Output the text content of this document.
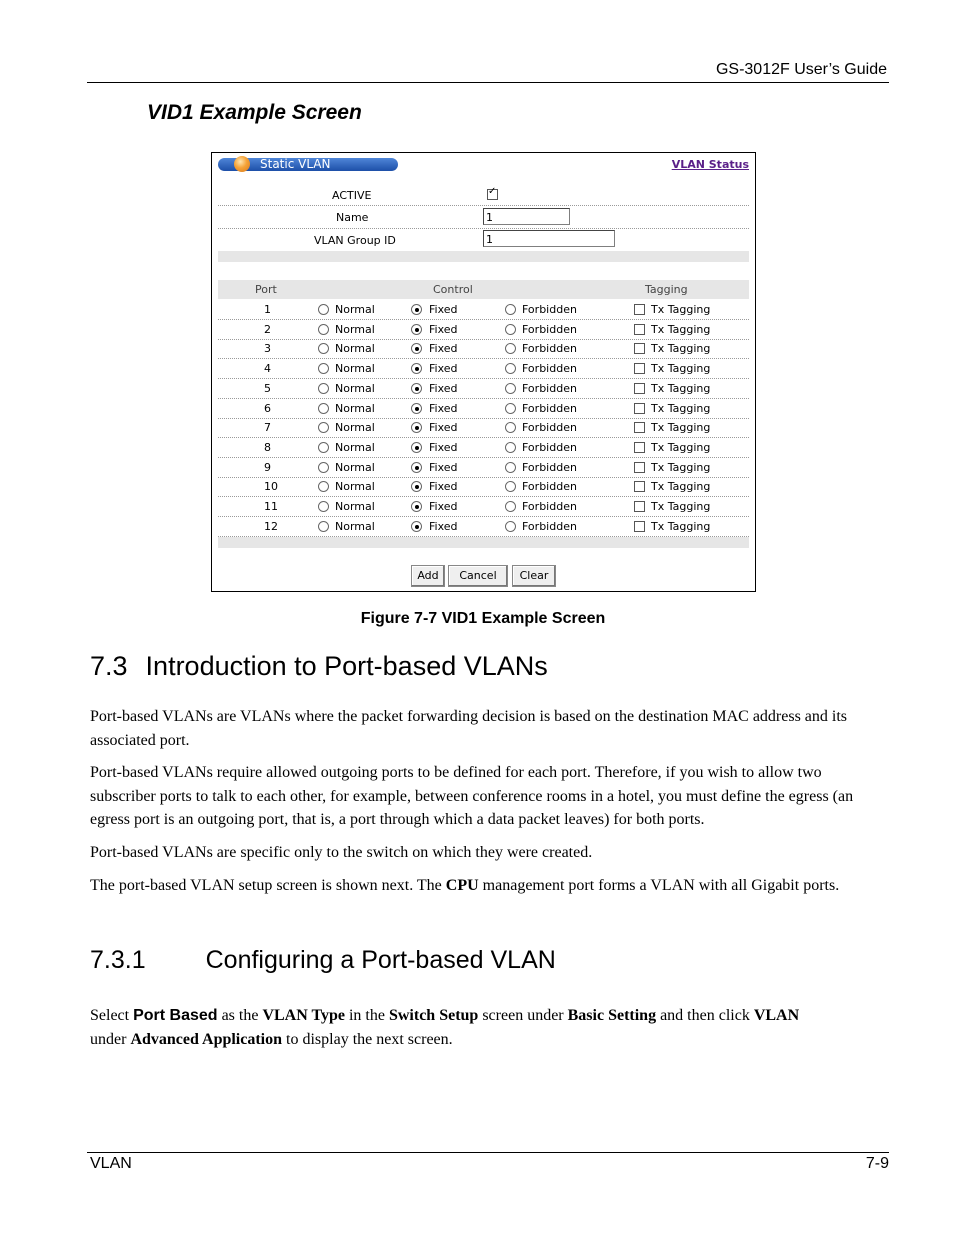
GS-3012F User’s Guide
VID1 Example Screen
Static VLAN	VLAN Status
ACTIVE
✓
Name	1
VLAN Group ID	1
Port	Control	Tagging
1	Normal	Fixed	Forbidden	Tx Tagging
2	Normal	Fixed	Forbidden	Tx Tagging
3	Normal	Fixed	Forbidden	Tx Tagging
4	Normal	Fixed	Forbidden	Tx Tagging
5	Normal	Fixed	Forbidden	Tx Tagging
6	Normal	Fixed	Forbidden	Tx Tagging
7	Normal	Fixed	Forbidden	Tx Tagging
8	Normal	Fixed	Forbidden	Tx Tagging
9	Normal	Fixed	Forbidden	Tx Tagging
10	Normal	Fixed	Forbidden	Tx Tagging
11	Normal	Fixed	Forbidden	Tx Tagging
12	Normal	Fixed	Forbidden	Tx Tagging
Add	Cancel	Clear
Figure 7-7 VID1 Example Screen
7.3 Introduction to Port-based VLANs

Port-based VLANs are VLANs where the packet forwarding decision is based on the destination MAC address and its associated port.

Port-based VLANs require allowed outgoing ports to be defined for each port. Therefore, if you wish to allow two subscriber ports to talk to each other, for example, between conference rooms in a hotel, you must define the egress (an egress port is an outgoing port, that is, a port through which a data packet leaves) for both ports.

Port-based VLANs are specific only to the switch on which they were created.

The port-based VLAN setup screen is shown next. The CPU management port forms a VLAN with all Gigabit ports.

7.3.1 Configuring a Port-based VLAN

Select Port Based as the VLAN Type in the Switch Setup screen under Basic Setting and then click VLAN
under Advanced Application to display the next screen.

VLAN	7-9
